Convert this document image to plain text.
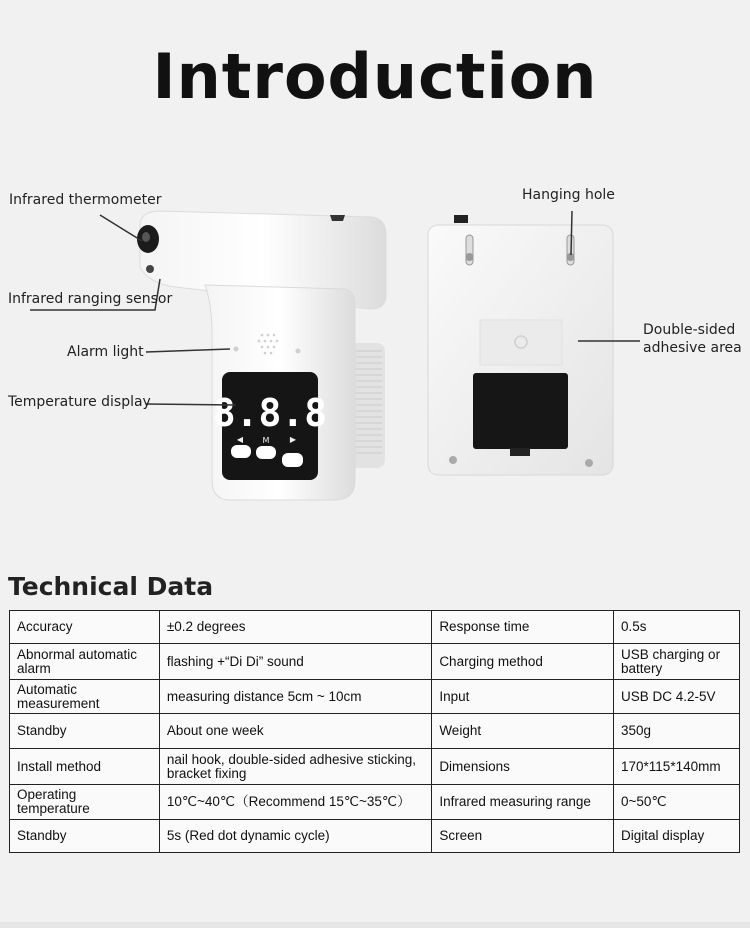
Introduction
8.8.8
◀ M	▶
Infrared thermometer
Infrared ranging sensor
Alarm light
Temperature display
Hanging hole
Double-sided
adhesive area
Technical Data
Accuracy	±0.2 degrees	Response time	0.5s
Abnormal automatic alarm	flashing +“Di Di” sound	Charging method	USB charging or battery
Automatic measurement	measuring distance 5cm ~ 10cm	Input	USB DC 4.2-5V
Standby	About one week	Weight	350g
Install method	nail hook, double-sided adhesive sticking, bracket fixing	Dimensions	170*115*140mm
Operating temperature	10℃~40℃（Recommend 15℃~35℃）	Infrared measuring range	0~50℃
Standby	5s (Red dot dynamic cycle)	Screen	Digital display
